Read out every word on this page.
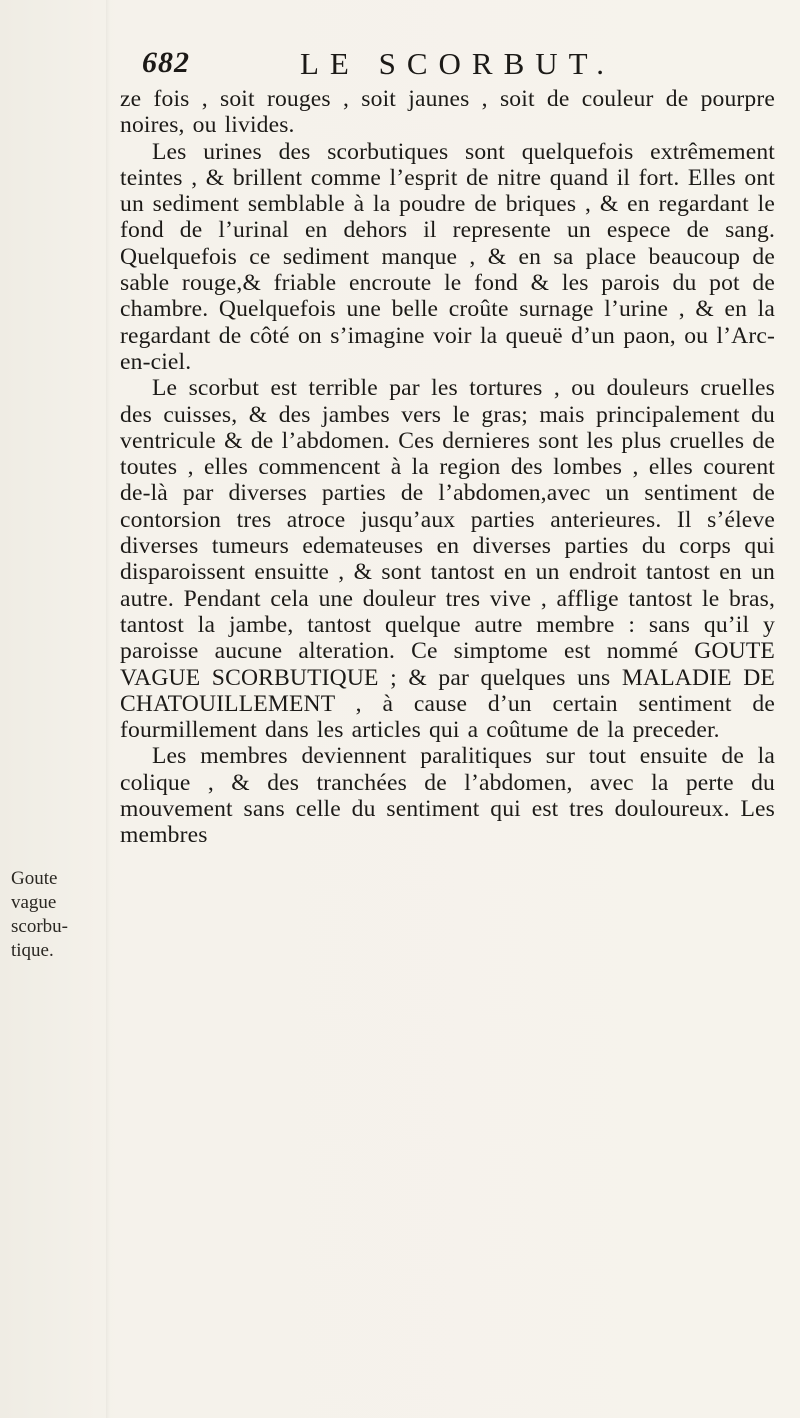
682	LE SCORBUT.
Goute
vague
scorbu-
tique.

ze fois , soit rouges , soit jaunes , soit de couleur de pourpre noires, ou livides.

Les urines des scorbutiques sont quelquefois extrêmement teintes , & brillent comme l’esprit de nitre quand il fort. Elles ont un sediment semblable à la poudre de briques , & en regardant le fond de l’urinal en dehors il represente un espece de sang. Quelquefois ce sediment manque , & en sa place beaucoup de sable rouge,& friable encroute le fond & les parois du pot de chambre. Quelquefois une belle croûte surnage l’urine , & en la regardant de côté on s’imagine voir la queuë d’un paon, ou l’Arc-en-ciel.

Le scorbut est terrible par les tortures , ou douleurs cruelles des cuisses, & des jambes vers le gras; mais principalement du ventricule & de l’abdomen. Ces dernieres sont les plus cruelles de toutes , elles commencent à la region des lombes , elles courent de-là par diverses parties de l’abdomen,avec un sentiment de contorsion tres atroce jusqu’aux parties anterieures. Il s’éleve diverses tumeurs edemateuses en diverses parties du corps qui disparoissent ensuitte , & sont tantost en un endroit tantost en un autre. Pendant cela une douleur tres vive , afflige tantost le bras, tantost la jambe, tantost quelque autre membre : sans qu’il y paroisse aucune alteration. Ce simptome est nommé GOUTE VAGUE SCORBUTIQUE ; & par quelques uns MALADIE DE CHATOUILLEMENT , à cause d’un certain sentiment de fourmillement dans les articles qui a coûtume de la preceder.

Les membres deviennent paralitiques sur tout ensuite de la colique , & des tranchées de l’abdomen, avec la perte du mouvement sans celle du sentiment qui est tres douloureux. Les membres
